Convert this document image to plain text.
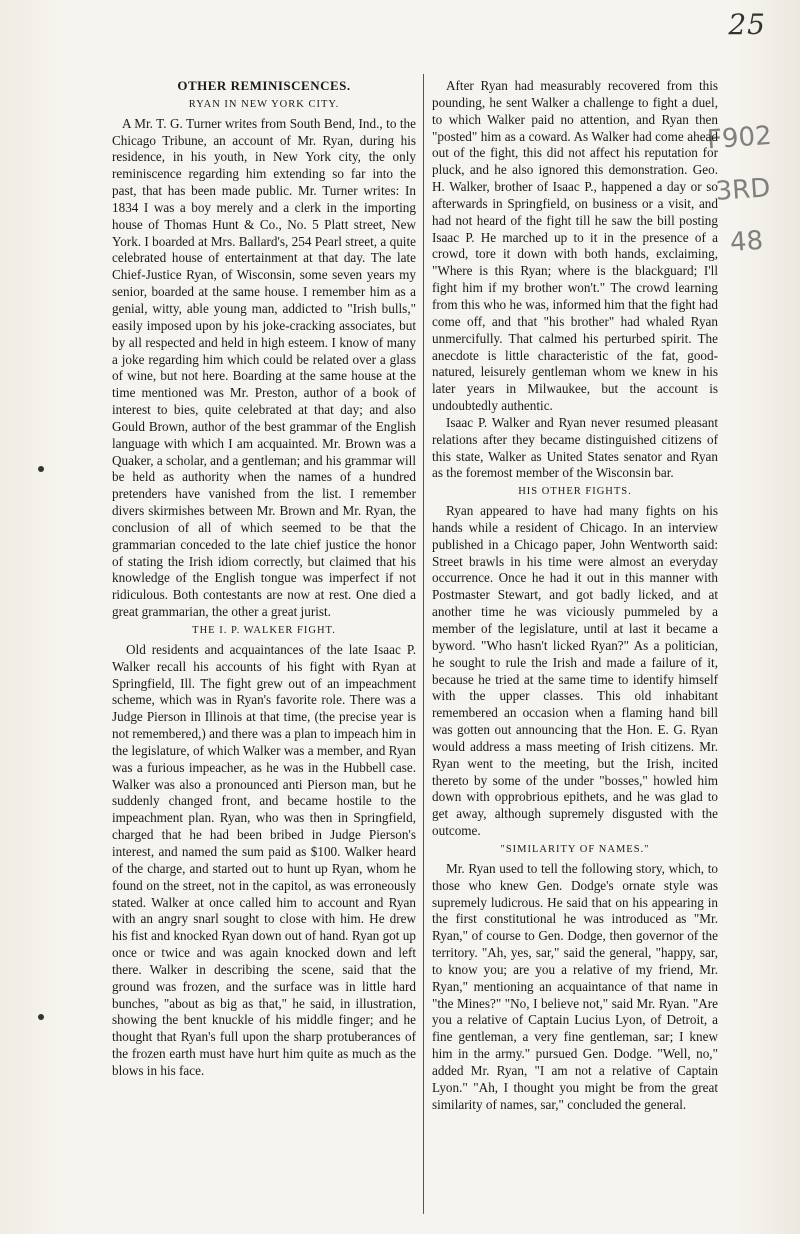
25
F902
3RD
48
OTHER REMINISCENCES.
RYAN IN NEW YORK CITY.

A Mr. T. G. Turner writes from South Bend, Ind., to the Chicago Tribune, an account of Mr. Ryan, during his residence, in his youth, in New York city, the only reminiscence regarding him extending so far into the past, that has been made public. Mr. Turner writes: In 1834 I was a boy merely and a clerk in the importing house of Thomas Hunt & Co., No. 5 Platt street, New York. I boarded at Mrs. Ballard's, 254 Pearl street, a quite celebrated house of entertainment at that day. The late Chief-Justice Ryan, of Wisconsin, some seven years my senior, boarded at the same house. I remember him as a genial, witty, able young man, addicted to "Irish bulls," easily imposed upon by his joke-cracking associates, but by all respected and held in high esteem. I know of many a joke regarding him which could be related over a glass of wine, but not here. Boarding at the same house at the time mentioned was Mr. Preston, author of a book of interest to bies, quite celebrated at that day; and also Gould Brown, author of the best grammar of the English language with which I am acquainted. Mr. Brown was a Quaker, a scholar, and a gentleman; and his grammar will be held as authority when the names of a hundred pretenders have vanished from the list. I remember divers skirmishes between Mr. Brown and Mr. Ryan, the conclusion of all of which seemed to be that the grammarian conceded to the late chief justice the honor of stating the Irish idiom correctly, but claimed that his knowledge of the English tongue was imperfect if not ridiculous. Both contestants are now at rest. One died a great grammarian, the other a great jurist.

THE I. P. WALKER FIGHT.

Old residents and acquaintances of the late Isaac P. Walker recall his accounts of his fight with Ryan at Springfield, Ill. The fight grew out of an impeachment scheme, which was in Ryan's favorite role. There was a Judge Pierson in Illinois at that time, (the precise year is not remembered,) and there was a plan to impeach him in the legislature, of which Walker was a member, and Ryan was a furious impeacher, as he was in the Hubbell case. Walker was also a pronounced anti Pierson man, but he suddenly changed front, and became hostile to the impeachment plan. Ryan, who was then in Springfield, charged that he had been bribed in Judge Pierson's interest, and named the sum paid as $100. Walker heard of the charge, and started out to hunt up Ryan, whom he found on the street, not in the capitol, as was erroneously stated. Walker at once called him to account and Ryan with an angry snarl sought to close with him. He drew his fist and knocked Ryan down out of hand. Ryan got up once or twice and was again knocked down and left there. Walker in describing the scene, said that the ground was frozen, and the surface was in little hard bunches, "about as big as that," he said, in illustration, showing the bent knuckle of his middle finger; and he thought that Ryan's full upon the sharp protuberances of the frozen earth must have hurt him quite as much as the blows in his face.

After Ryan had measurably recovered from this pounding, he sent Walker a challenge to fight a duel, to which Walker paid no attention, and Ryan then "posted" him as a coward. As Walker had come ahead out of the fight, this did not affect his reputation for pluck, and he also ignored this demonstration. Geo. H. Walker, brother of Isaac P., happened a day or so afterwards in Springfield, on business or a visit, and had not heard of the fight till he saw the bill posting Isaac P. He marched up to it in the presence of a crowd, tore it down with both hands, exclaiming, "Where is this Ryan; where is the blackguard; I'll fight him if my brother won't." The crowd learning from this who he was, informed him that the fight had come off, and that "his brother" had whaled Ryan unmercifully. That calmed his perturbed spirit. The anecdote is little characteristic of the fat, good-natured, leisurely gentleman whom we knew in his later years in Milwaukee, but the account is undoubtedly authentic.

Isaac P. Walker and Ryan never resumed pleasant relations after they became distinguished citizens of this state, Walker as United States senator and Ryan as the foremost member of the Wisconsin bar.

HIS OTHER FIGHTS.

Ryan appeared to have had many fights on his hands while a resident of Chicago. In an interview published in a Chicago paper, John Wentworth said: Street brawls in his time were almost an everyday occurrence. Once he had it out in this manner with Postmaster Stewart, and got badly licked, and at another time he was viciously pummeled by a member of the legislature, until at last it became a byword. "Who hasn't licked Ryan?" As a politician, he sought to rule the Irish and made a failure of it, because he tried at the same time to identify himself with the upper classes. This old inhabitant remembered an occasion when a flaming hand bill was gotten out announcing that the Hon. E. G. Ryan would address a mass meeting of Irish citizens. Mr. Ryan went to the meeting, but the Irish, incited thereto by some of the under "bosses," howled him down with opprobrious epithets, and he was glad to get away, although supremely disgusted with the outcome.

"SIMILARITY OF NAMES."

Mr. Ryan used to tell the following story, which, to those who knew Gen. Dodge's ornate style was supremely ludicrous. He said that on his appearing in the first constitutional he was introduced as "Mr. Ryan," of course to Gen. Dodge, then governor of the territory. "Ah, yes, sar," said the general, "happy, sar, to know you; are you a relative of my friend, Mr. Ryan," mentioning an acquaintance of that name in "the Mines?" "No, I believe not," said Mr. Ryan. "Are you a relative of Captain Lucius Lyon, of Detroit, a fine gentleman, a very fine gentleman, sar; I knew him in the army." pursued Gen. Dodge. "Well, no," added Mr. Ryan, "I am not a relative of Captain Lyon." "Ah, I thought you might be from the great similarity of names, sar," concluded the general.
